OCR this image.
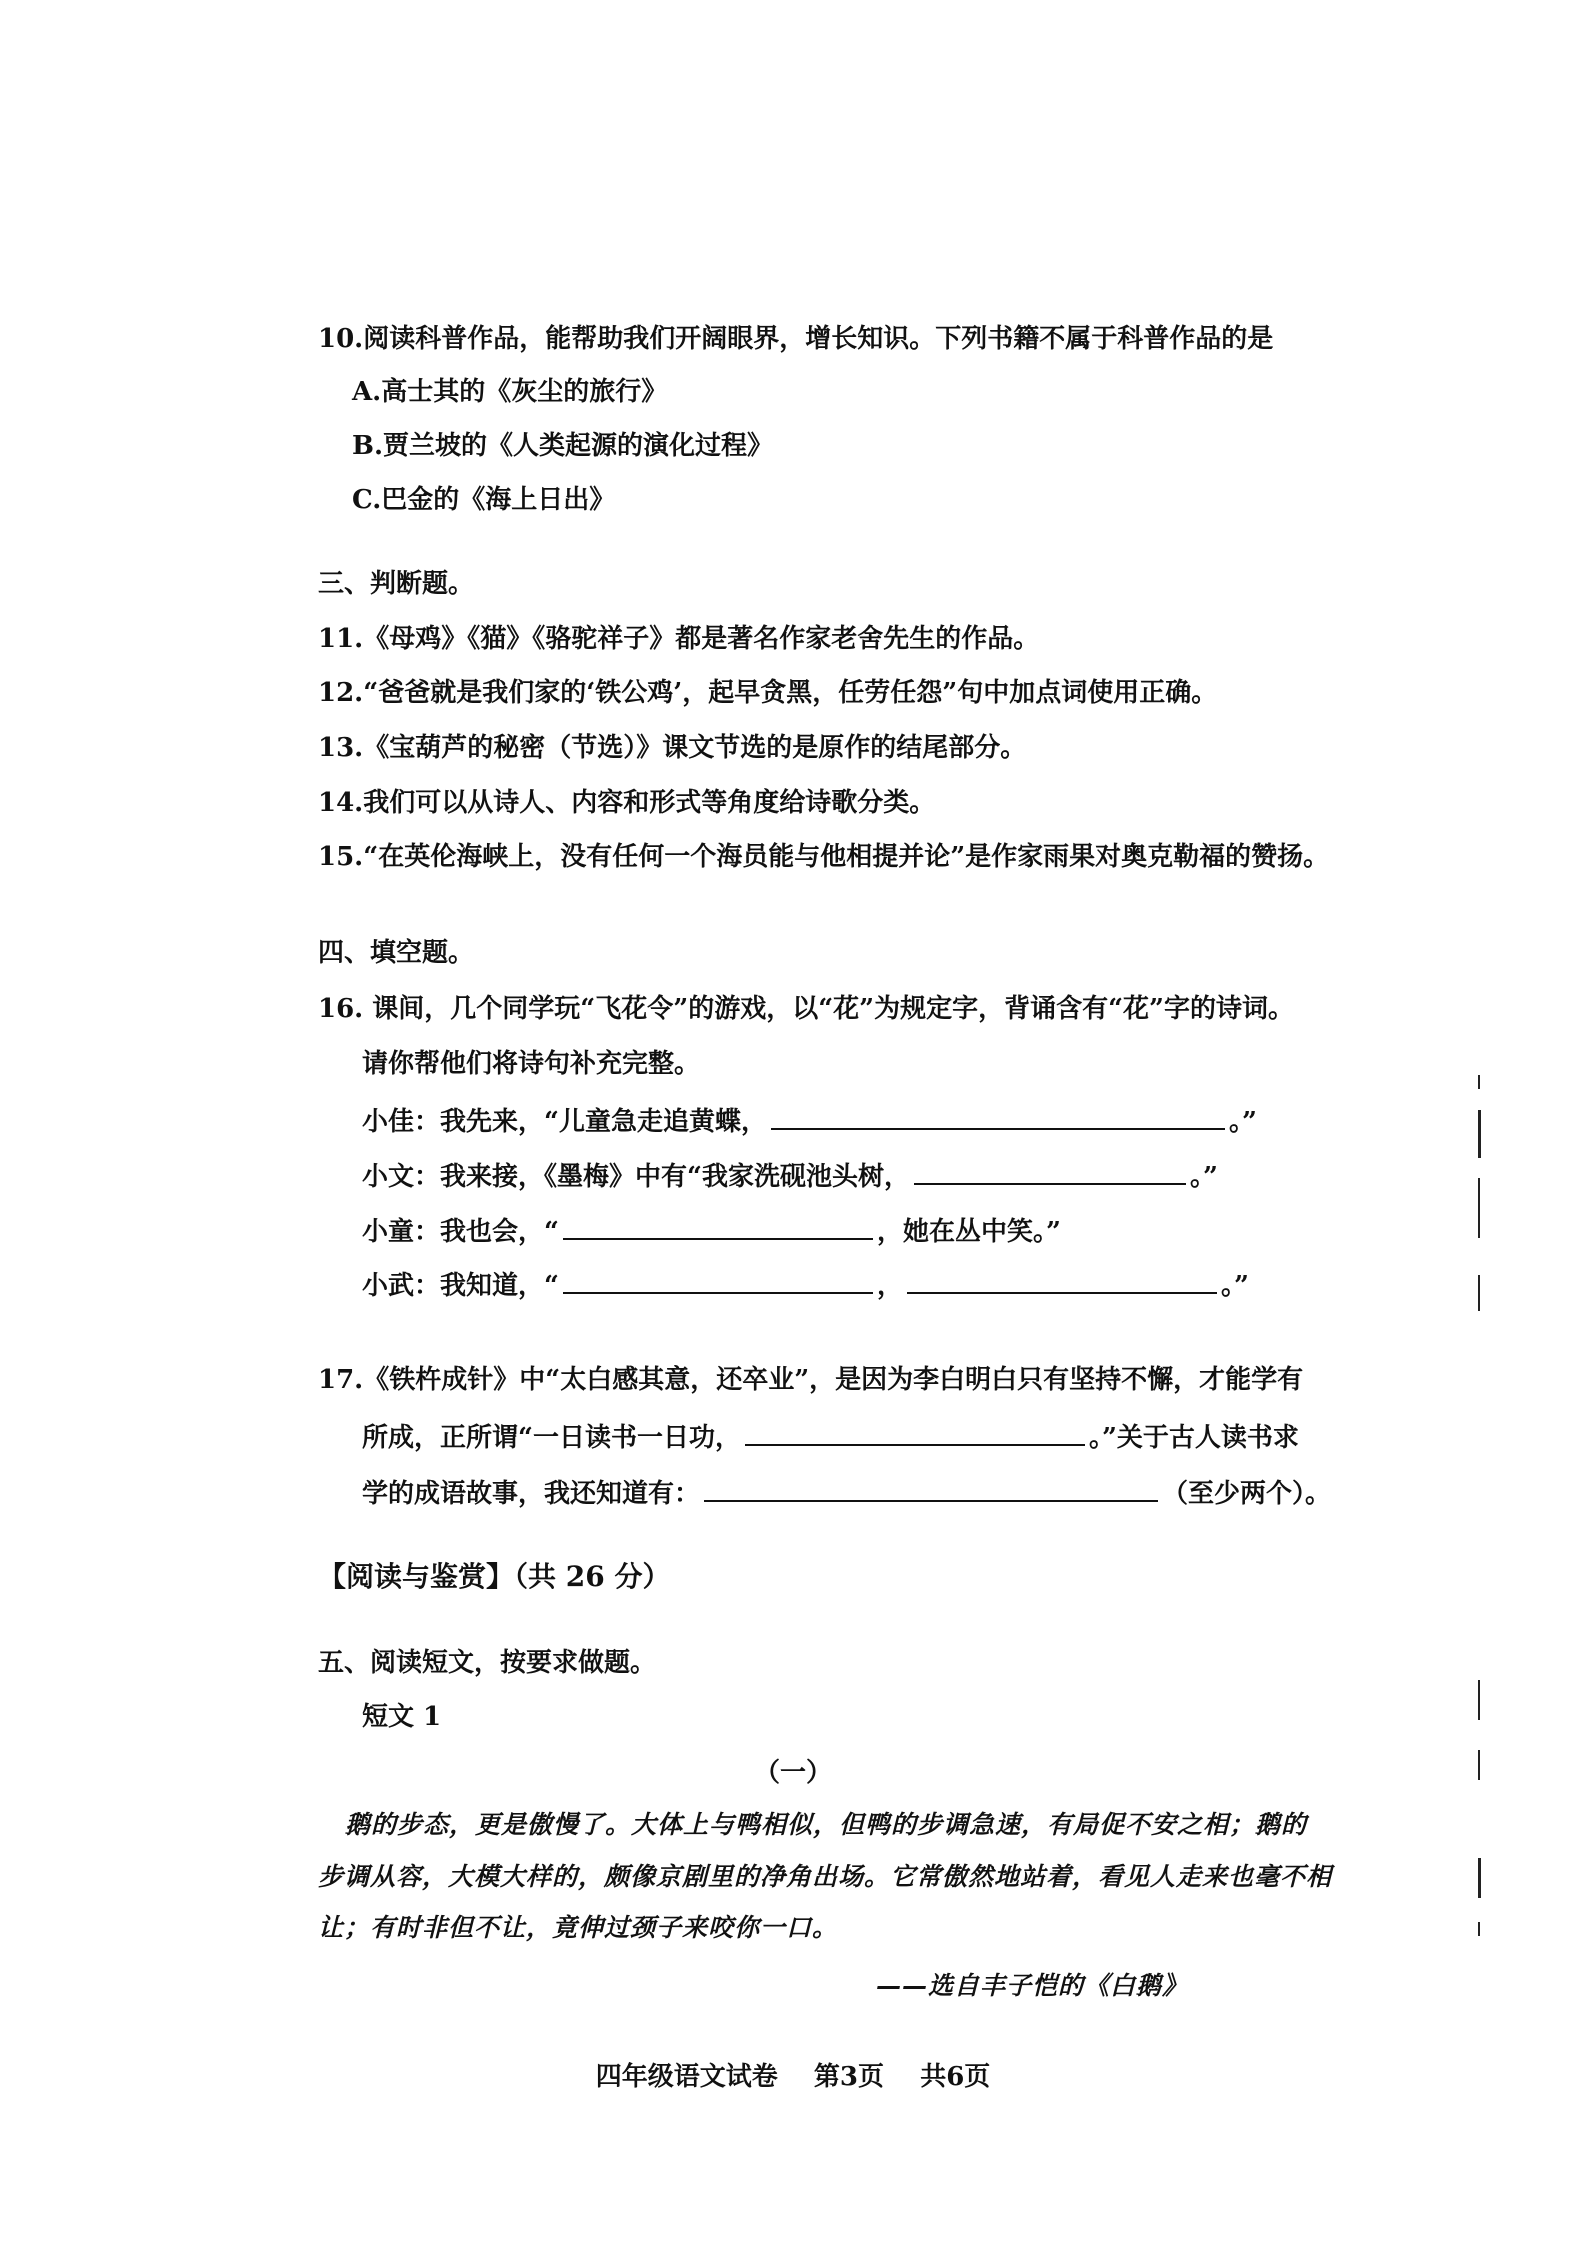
10.阅读科普作品，能帮助我们开阔眼界，增长知识。下列书籍不属于科普作品的是
A.高士其的《灰尘的旅行》
B.贾兰坡的《人类起源的演化过程》
C.巴金的《海上日出》
三、判断题。
11.《母鸡》《猫》《骆驼祥子》都是著名作家老舍先生的作品。
12.“爸爸就是我们家的‘铁公鸡’，起早贪黑，任劳任怨”句中加点词使用正确。
13.《宝葫芦的秘密（节选）》课文节选的是原作的结尾部分。
14.我们可以从诗人、内容和形式等角度给诗歌分类。
15.“在英伦海峡上，没有任何一个海员能与他相提并论”是作家雨果对奥克勒福的赞扬。
四、填空题。
16. 课间，几个同学玩“飞花令”的游戏，以“花”为规定字，背诵含有“花”字的诗词。
请你帮他们将诗句补充完整。
小佳：我先来，“儿童急走追黄蝶，	。”
小文：我来接，《墨梅》中有“我家洗砚池头树，	。”
小童：我也会，“	，她在丛中笑。”
小武：我知道，“	，	。”
17.《铁杵成针》中“太白感其意，还卒业”，是因为李白明白只有坚持不懈，才能学有
所成，正所谓“一日读书一日功，	。”关于古人读书求
学的成语故事，我还知道有：	（至少两个）。
【阅读与鉴赏】（共 26 分）
五、阅读短文，按要求做题。
短文 1
（一）
鹅的步态，更是傲慢了。大体上与鸭相似，但鸭的步调急速，有局促不安之相；鹅的
步调从容，大模大样的，颇像京剧里的净角出场。它常傲然地站着，看见人走来也毫不相
让；有时非但不让，竟伸过颈子来咬你一口。
——选自丰子恺的《白鹅》
四年级语文试卷    第3页    共6页
